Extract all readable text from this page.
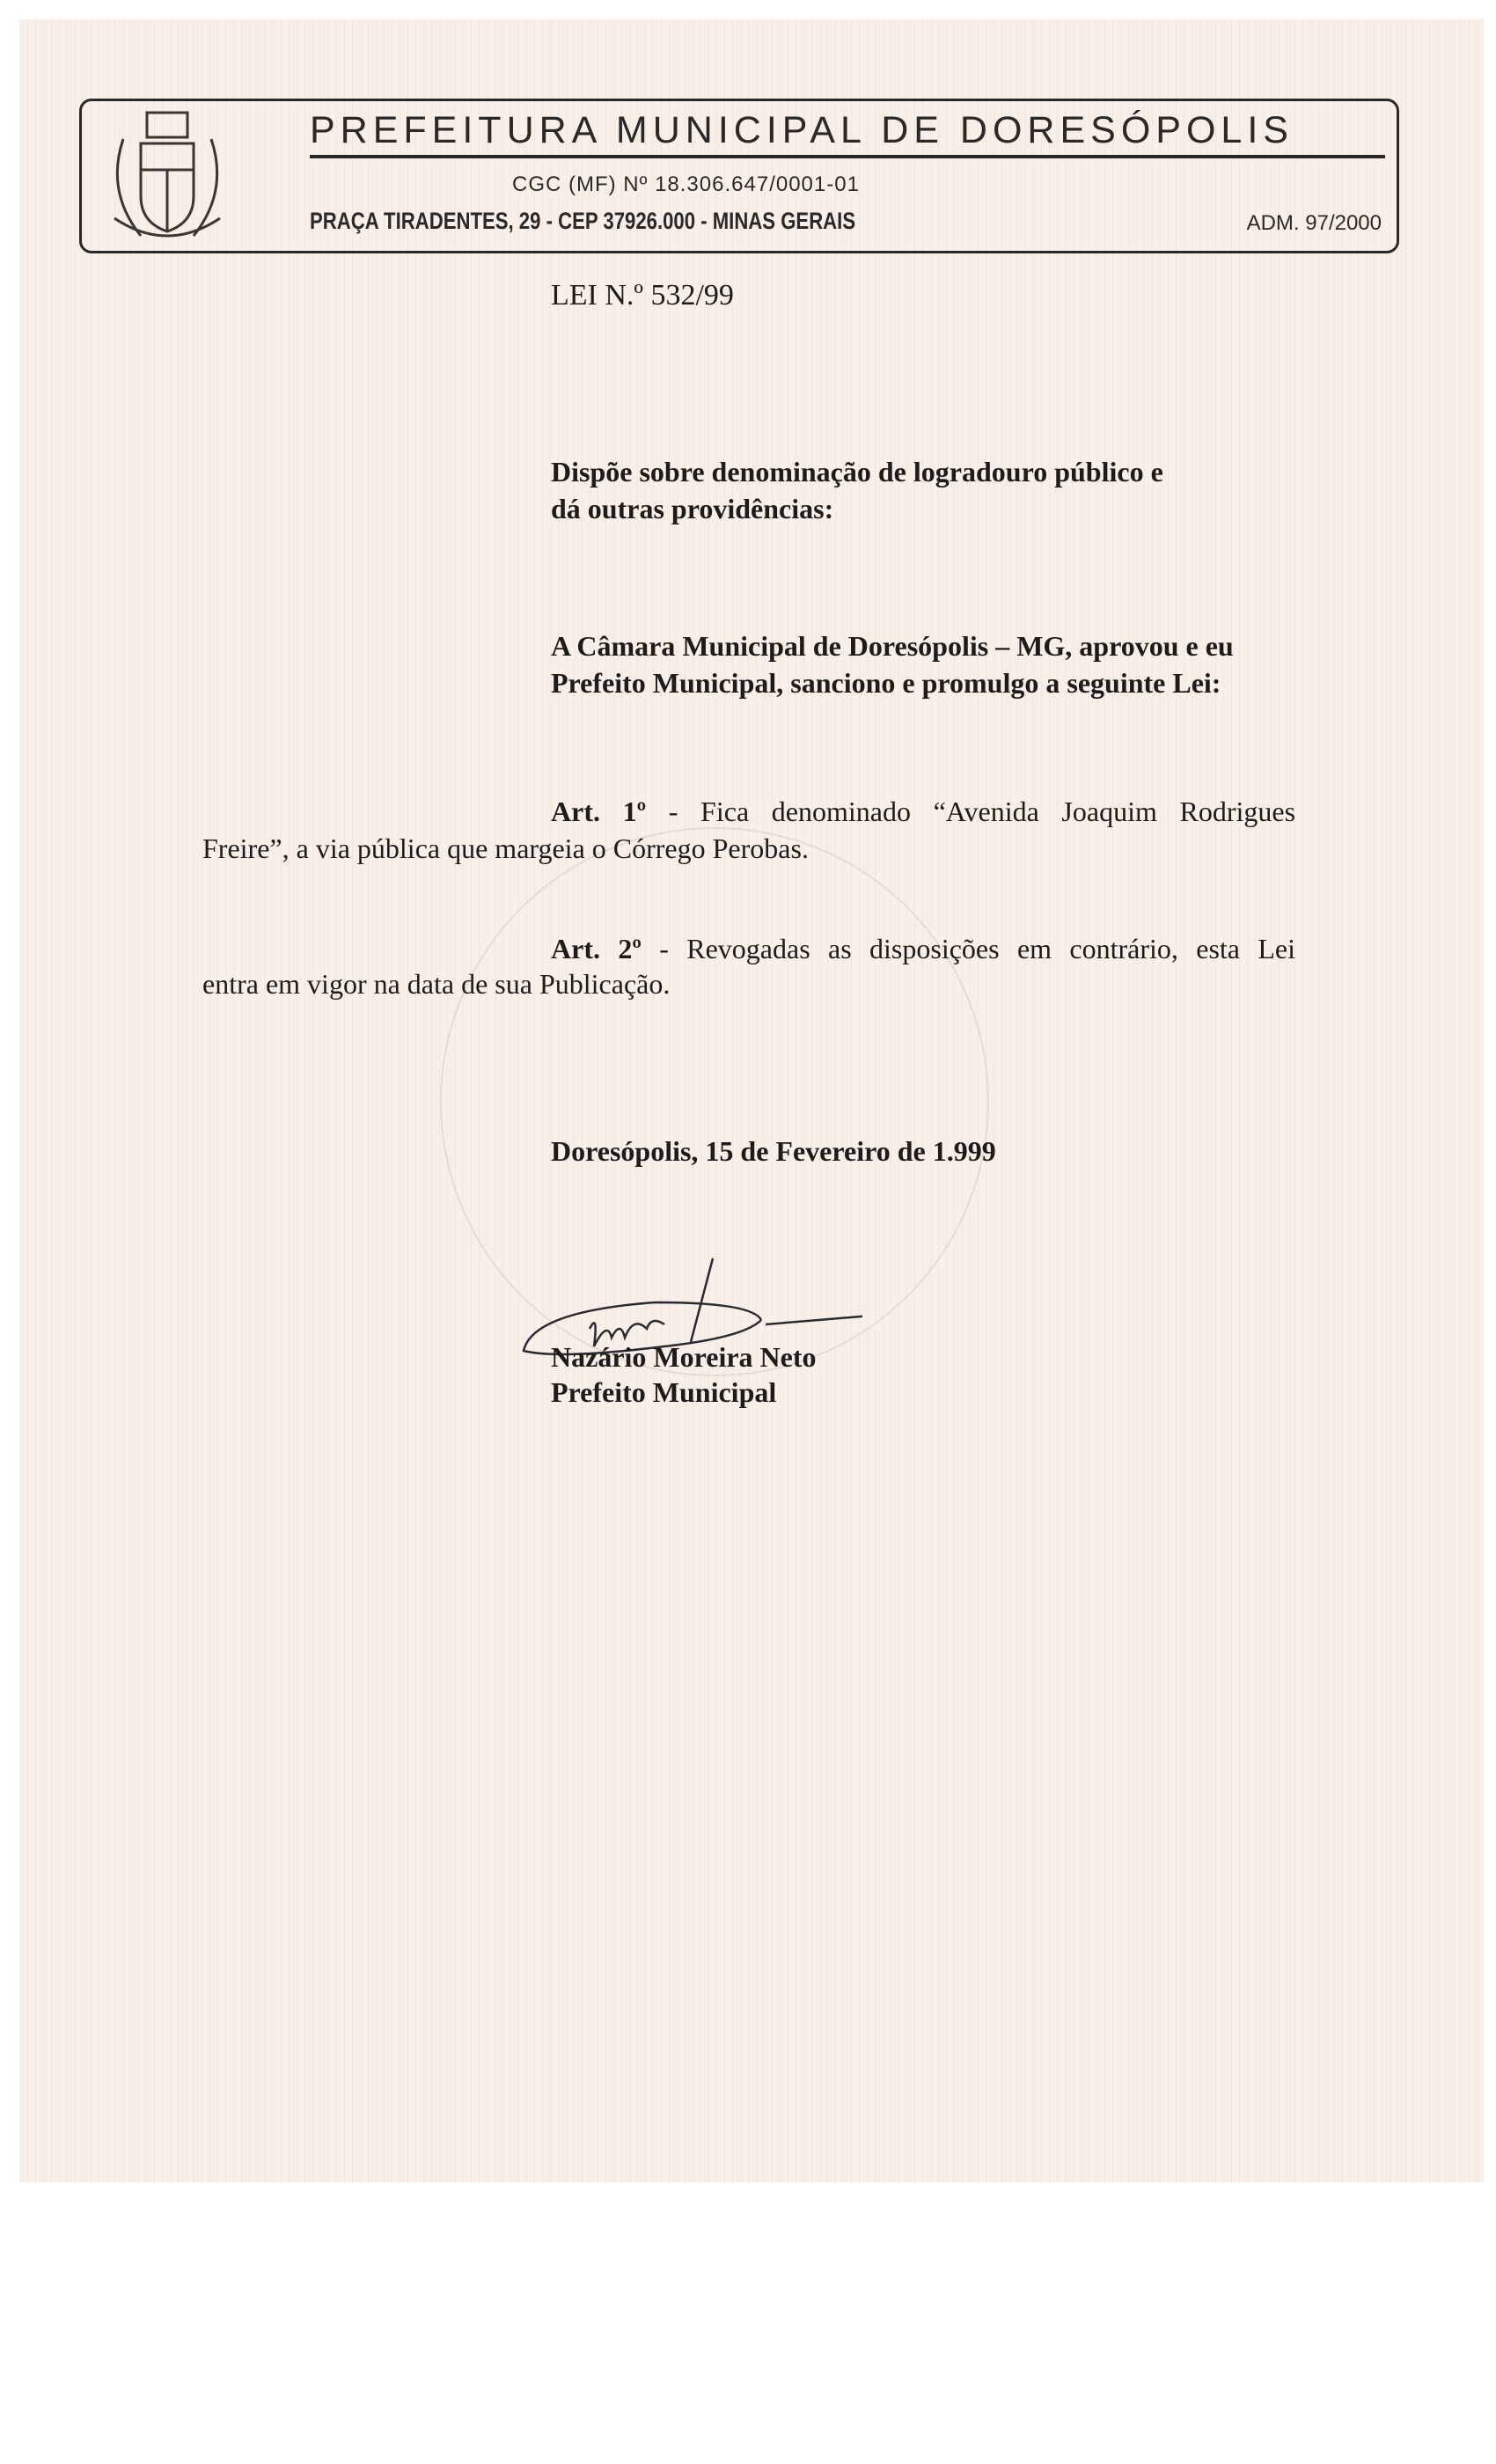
PREFEITURA MUNICIPAL DE DORESÓPOLIS
CGC (MF) Nº 18.306.647/0001-01
PRAÇA TIRADENTES, 29 - CEP 37926.000 - MINAS GERAIS	ADM. 97/2000
LEI N.º 532/99
Dispõe sobre denominação de logradouro público e
dá outras providências:
A Câmara Municipal de Doresópolis – MG, aprovou e eu
Prefeito Municipal, sanciono e promulgo a seguinte Lei:
Art. 1º - Fica denominado “Avenida Joaquim Rodrigues
Freire”, a via pública que margeia o Córrego Perobas.
Art. 2º - Revogadas as disposições em contrário, esta Lei
entra em vigor na data de sua Publicação.
Doresópolis, 15 de Fevereiro de 1.999
Nazário Moreira Neto
Prefeito Municipal
